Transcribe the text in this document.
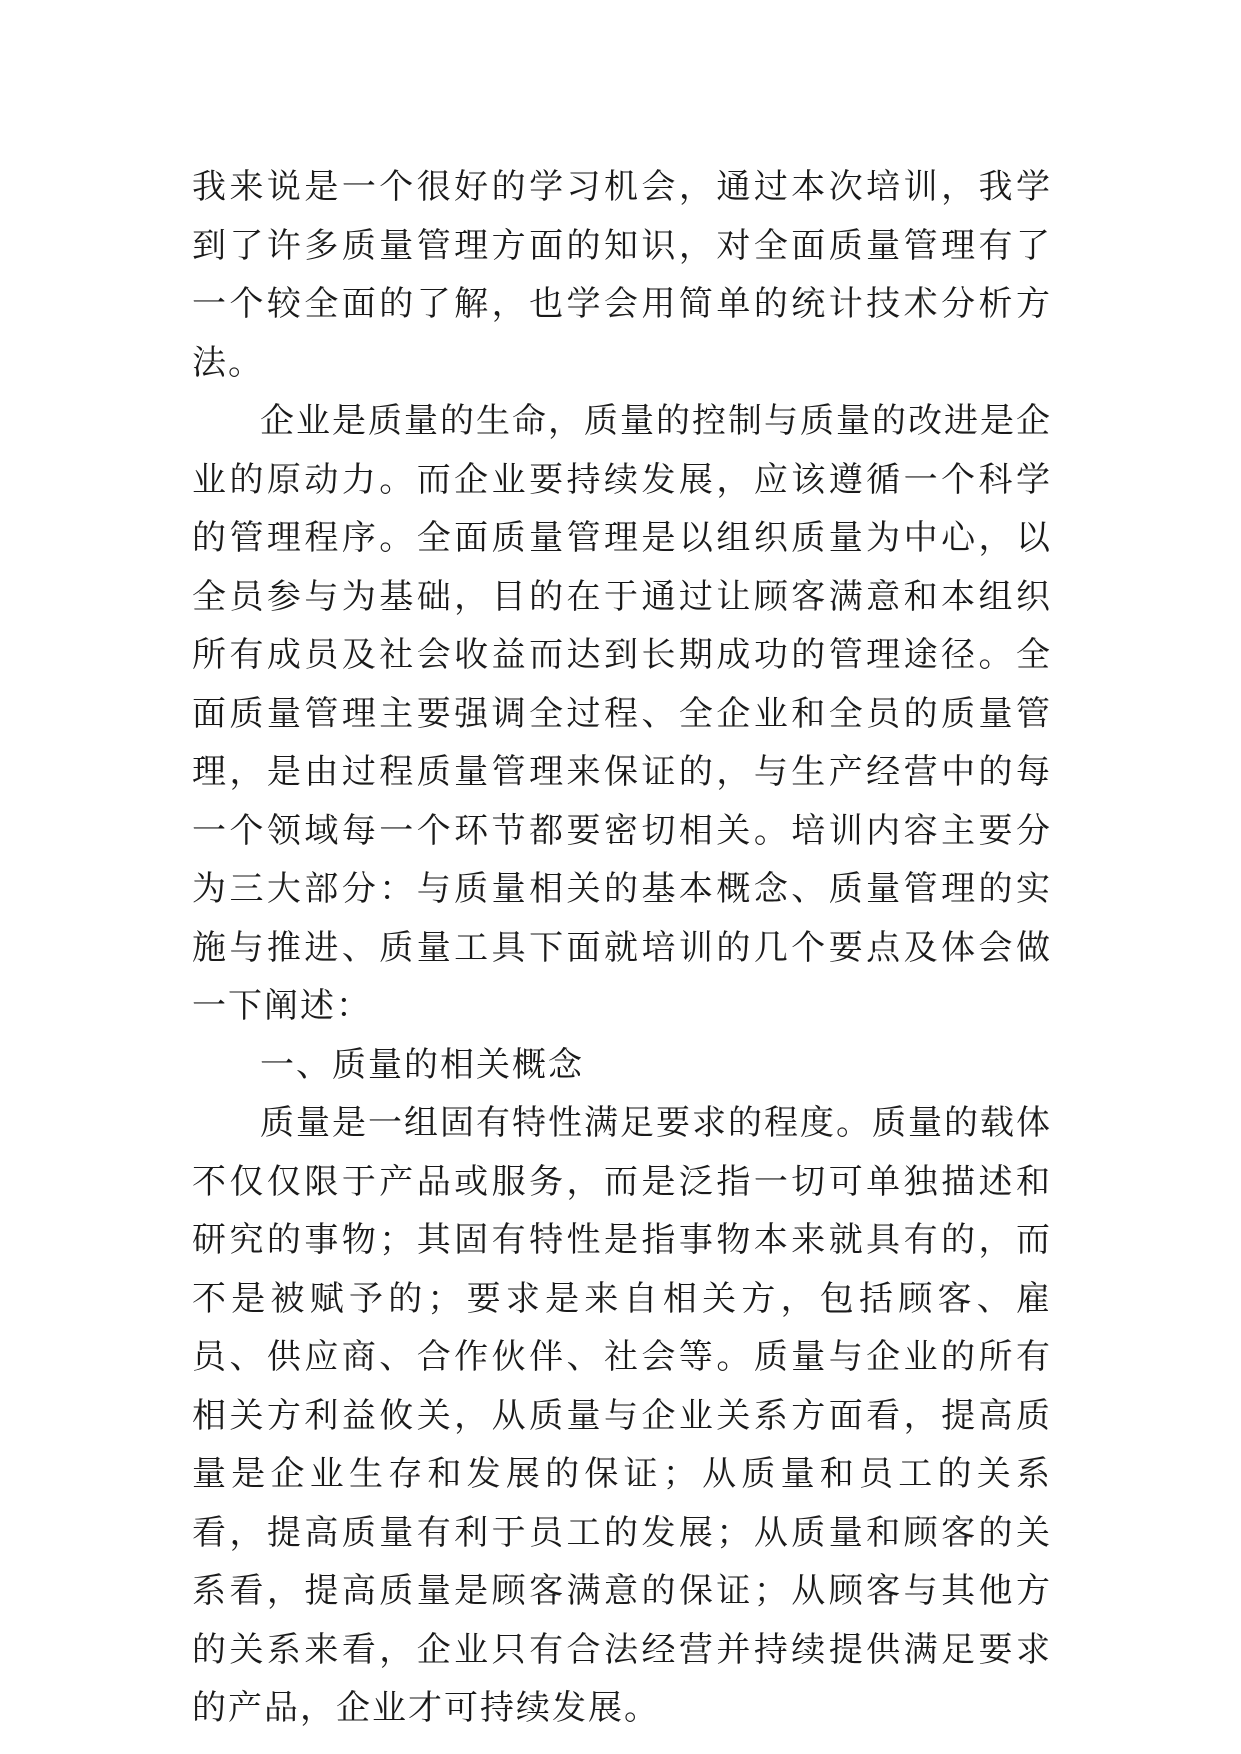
我来说是一个很好的学习机会，通过本次培训，我学到了许多质量管理方面的知识，对全面质量管理有了一个较全面的了解，也学会用简单的统计技术分析方法。

企业是质量的生命，质量的控制与质量的改进是企业的原动力。而企业要持续发展，应该遵循一个科学的管理程序。全面质量管理是以组织质量为中心，以全员参与为基础，目的在于通过让顾客满意和本组织所有成员及社会收益而达到长期成功的管理途径。全面质量管理主要强调全过程、全企业和全员的质量管理，是由过程质量管理来保证的，与生产经营中的每一个领域每一个环节都要密切相关。培训内容主要分为三大部分：与质量相关的基本概念、质量管理的实施与推进、质量工具下面就培训的几个要点及体会做一下阐述：

一、质量的相关概念

质量是一组固有特性满足要求的程度。质量的载体不仅仅限于产品或服务，而是泛指一切可单独描述和研究的事物；其固有特性是指事物本来就具有的，而不是被赋予的；要求是来自相关方，包括顾客、雇员、供应商、合作伙伴、社会等。质量与企业的所有相关方利益攸关，从质量与企业关系方面看，提高质量是企业生存和发展的保证；从质量和员工的关系看，提高质量有利于员工的发展；从质量和顾客的关系看，提高质量是顾客满意的保证；从顾客与其他方的关系来看，企业只有合法经营并持续提供满足要求的产品，企业才可持续发展。
